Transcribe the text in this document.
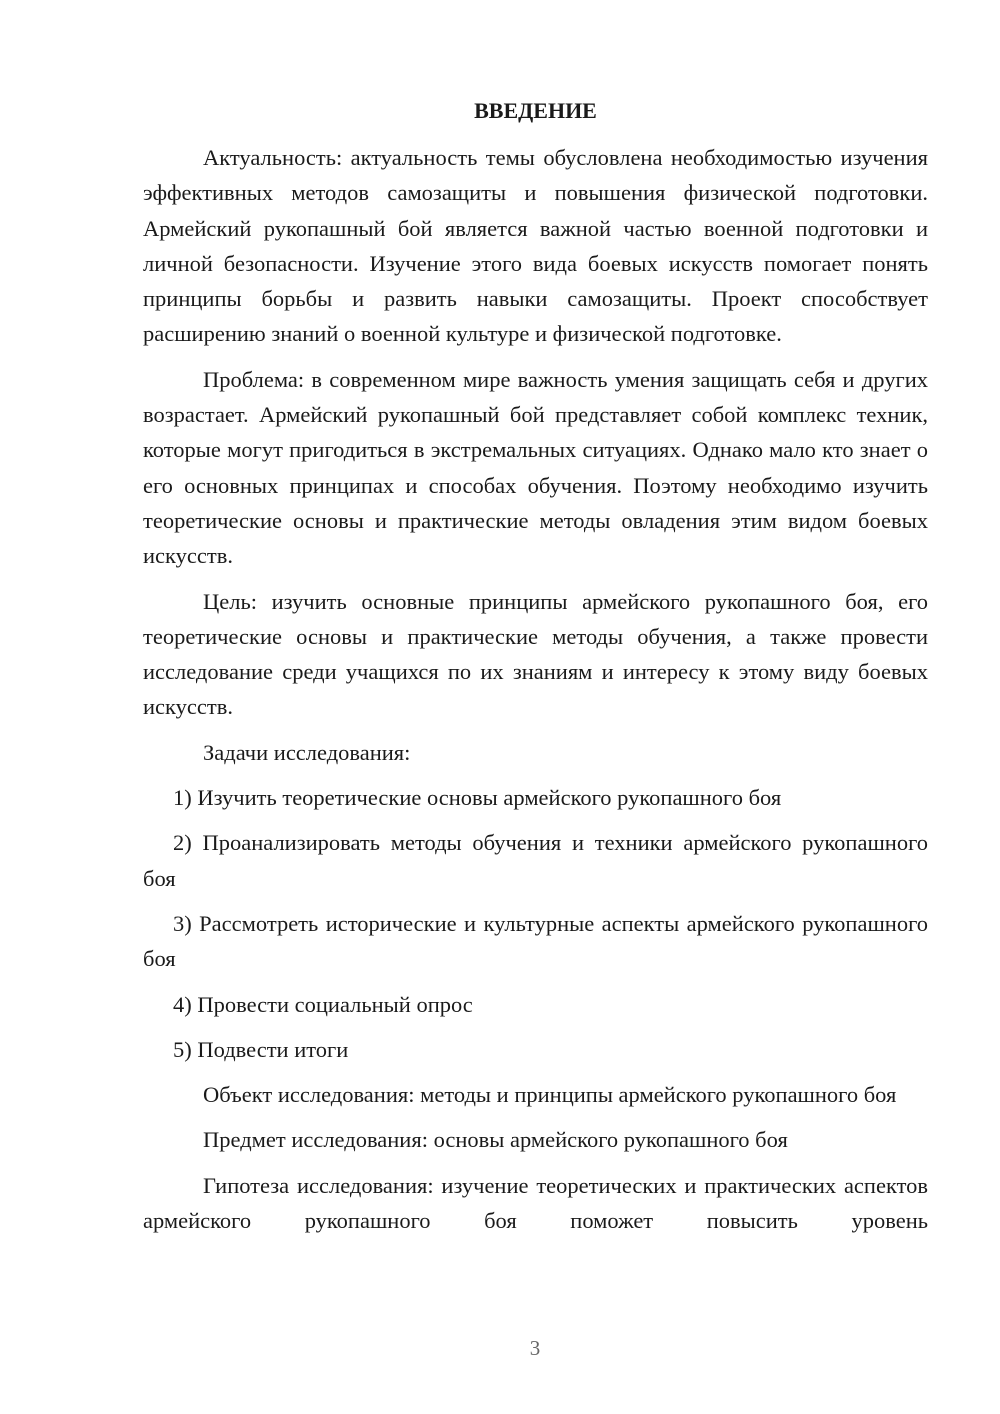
ВВЕДЕНИЕ

Актуальность: актуальность темы обусловлена необходимостью изучения эффективных методов самозащиты и повышения физической подготовки. Армейский рукопашный бой является важной частью военной подготовки и личной безопасности. Изучение этого вида боевых искусств помогает понять принципы борьбы и развить навыки самозащиты. Проект способствует расширению знаний о военной культуре и физической подготовке.

Проблема: в современном мире важность умения защищать себя и других возрастает. Армейский рукопашный бой представляет собой комплекс техник, которые могут пригодиться в экстремальных ситуациях. Однако мало кто знает о его основных принципах и способах обучения. Поэтому необходимо изучить теоретические основы и практические методы овладения этим видом боевых искусств.

Цель: изучить основные принципы армейского рукопашного боя, его теоретические основы и практические методы обучения, а также провести исследование среди учащихся по их знаниям и интересу к этому виду боевых искусств.

Задачи исследования:

1) Изучить теоретические основы армейского рукопашного боя

2) Проанализировать методы обучения и техники армейского рукопашного боя

3) Рассмотреть исторические и культурные аспекты армейского рукопашного боя

4) Провести социальный опрос

5) Подвести итоги

Объект исследования: методы и принципы армейского рукопашного боя

Предмет исследования: основы армейского рукопашного боя

Гипотеза исследования: изучение теоретических и практических аспектов армейского рукопашного боя поможет повысить уровень

3
